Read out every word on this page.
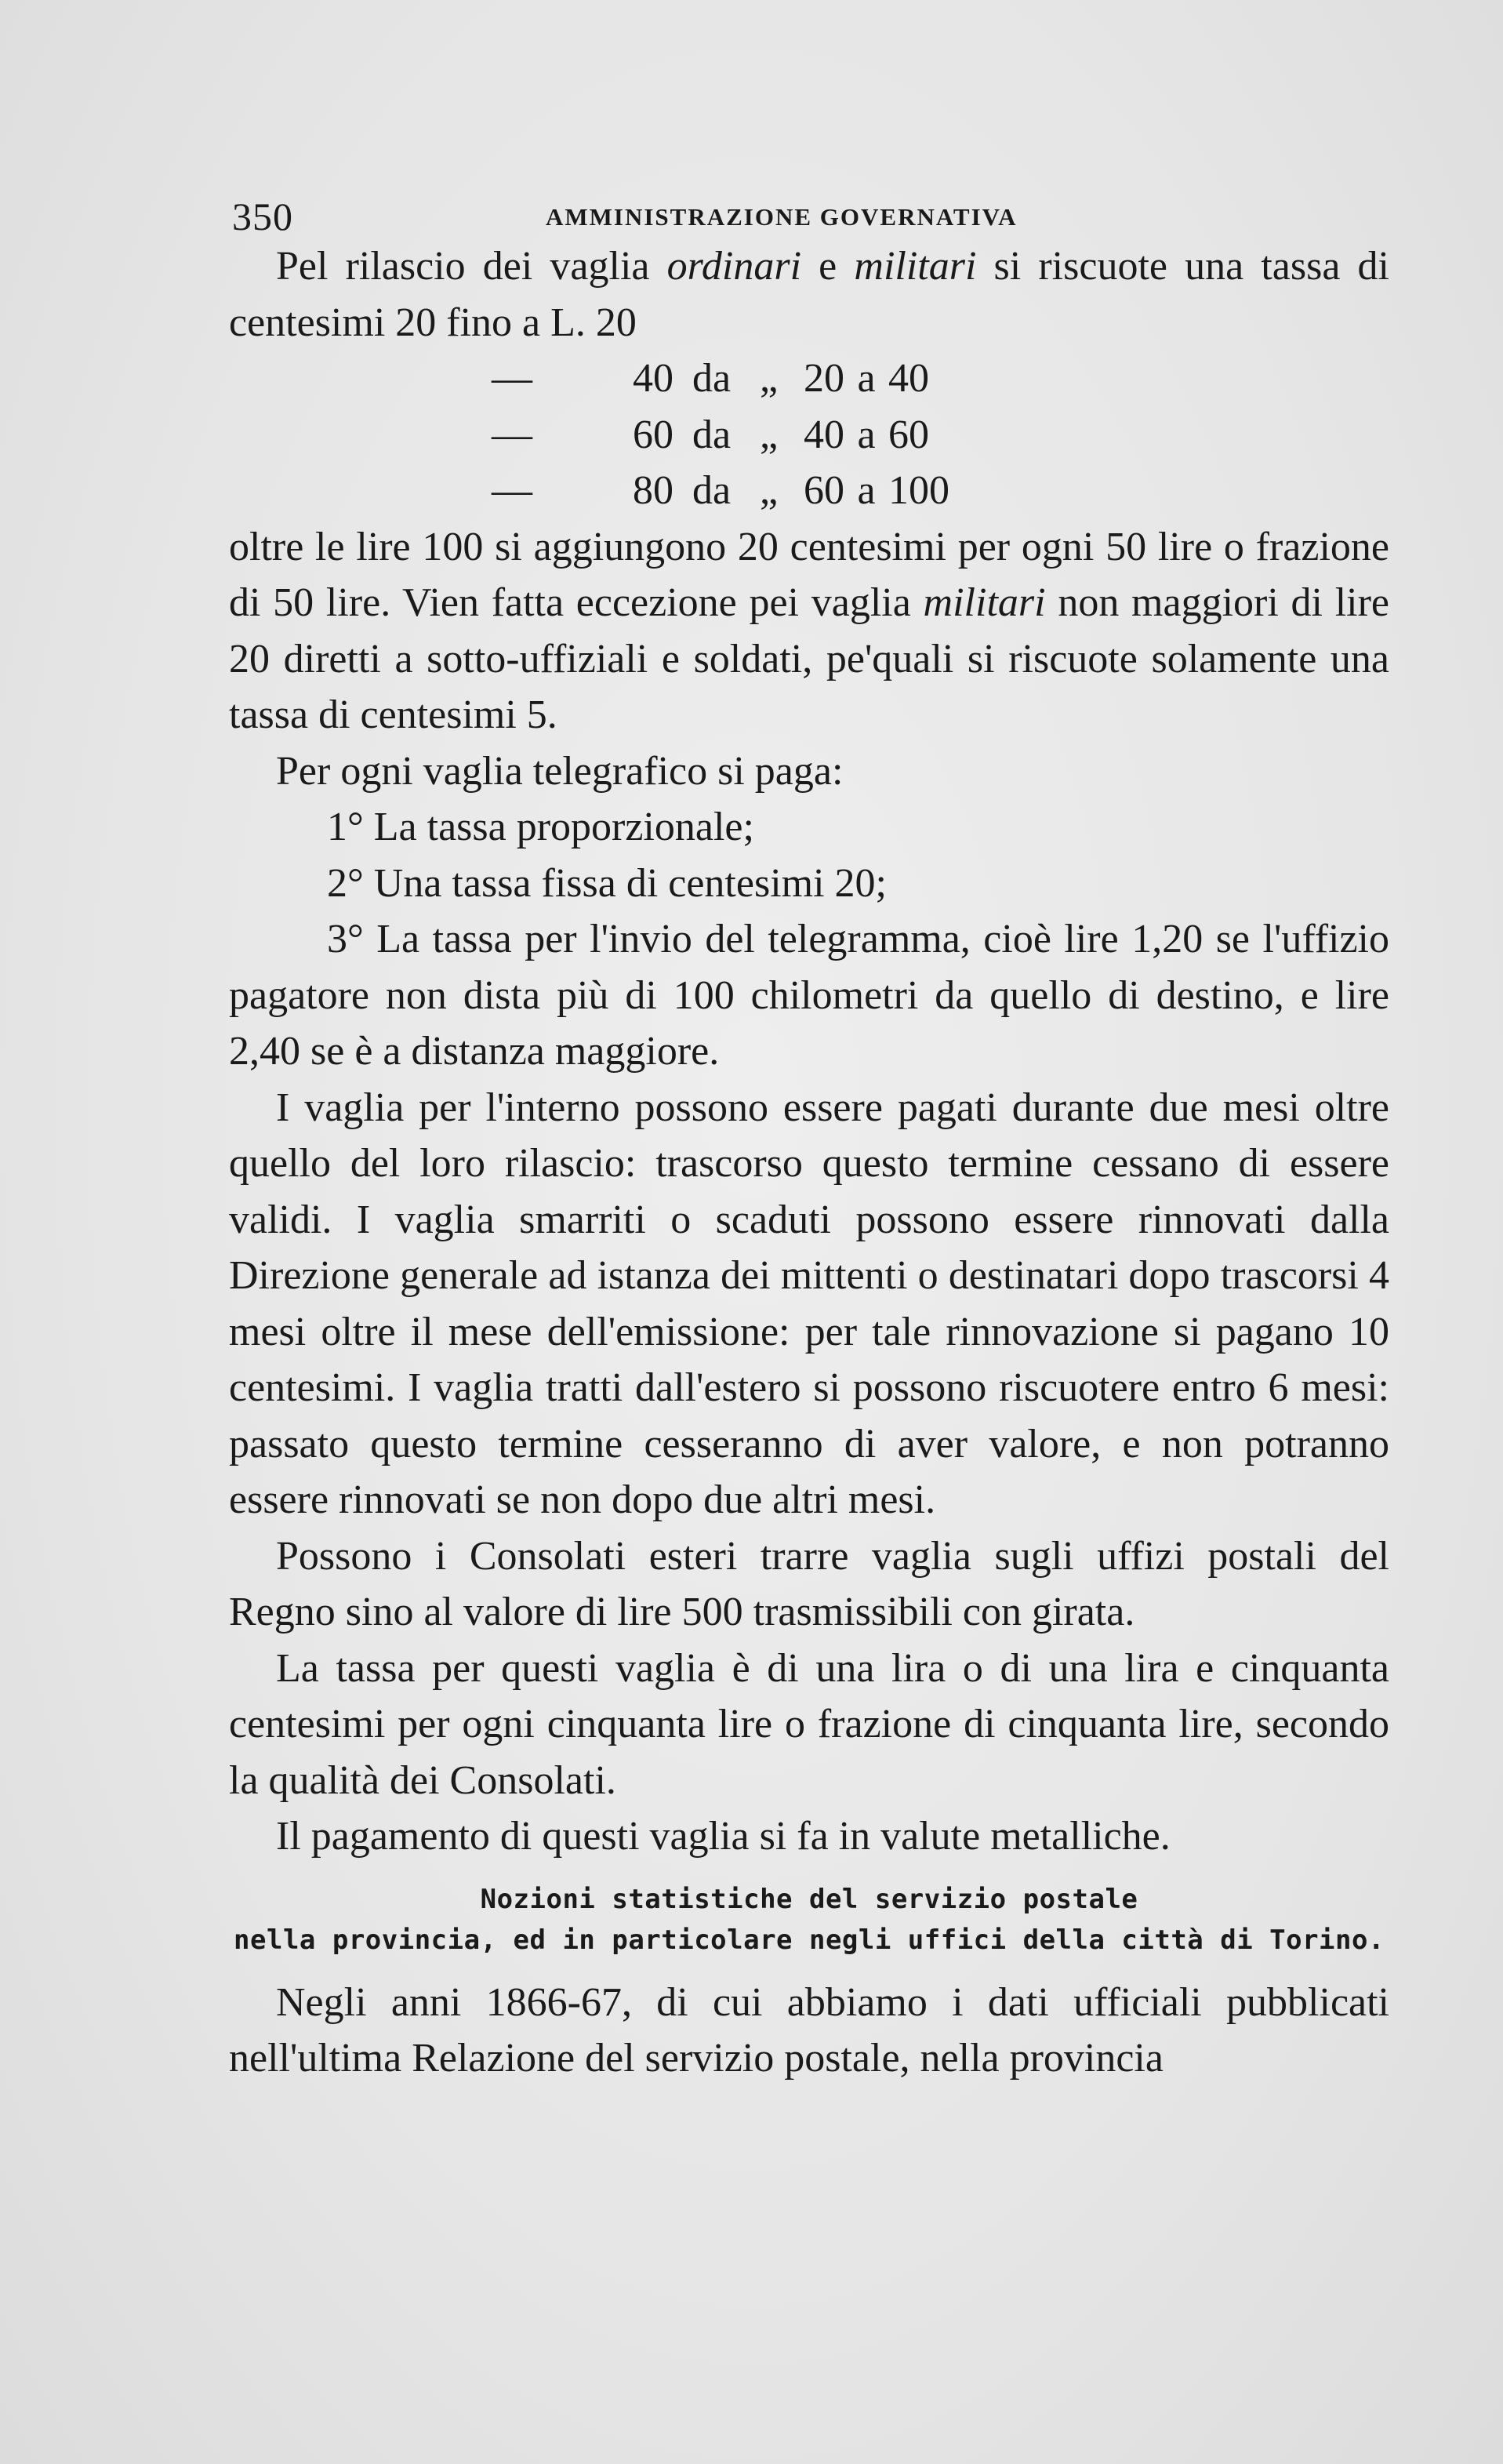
350	AMMINISTRAZIONE GOVERNATIVA

Pel rilascio dei vaglia ordinari e militari si riscuote una tassa di centesimi 20 fino a L. 20

—	40 da „ 20 a 40
—	60 da „ 40 a 60
—	80 da „ 60 a 100

oltre le lire 100 si aggiungono 20 centesimi per ogni 50 lire o frazione di 50 lire. Vien fatta eccezione pei vaglia militari non maggiori di lire 20 diretti a sotto-uffiziali e soldati, pe'quali si riscuote solamente una tassa di centesimi 5.

Per ogni vaglia telegrafico si paga:

1° La tassa proporzionale;

2° Una tassa fissa di centesimi 20;

3° La tassa per l'invio del telegramma, cioè lire 1,20 se l'uffizio pagatore non dista più di 100 chilometri da quello di destino, e lire 2,40 se è a distanza maggiore.

I vaglia per l'interno possono essere pagati durante due mesi oltre quello del loro rilascio: trascorso questo termine cessano di essere validi. I vaglia smarriti o scaduti possono essere rinnovati dalla Direzione generale ad istanza dei mittenti o destinatari dopo trascorsi 4 mesi oltre il mese dell'emissione: per tale rinnovazione si pagano 10 centesimi. I vaglia tratti dall'estero si possono riscuotere entro 6 mesi: passato questo termine cesseranno di aver valore, e non potranno essere rinnovati se non dopo due altri mesi.

Possono i Consolati esteri trarre vaglia sugli uffizi postali del Regno sino al valore di lire 500 trasmissibili con girata.

La tassa per questi vaglia è di una lira o di una lira e cinquanta centesimi per ogni cinquanta lire o frazione di cinquanta lire, secondo la qualità dei Consolati.

Il pagamento di questi vaglia si fa in valute metalliche.

Nozioni statistiche del servizio postale
nella provincia, ed in particolare negli uffici della città di Torino.

Negli anni 1866-67, di cui abbiamo i dati ufficiali pubblicati nell'ultima Relazione del servizio postale, nella provincia
